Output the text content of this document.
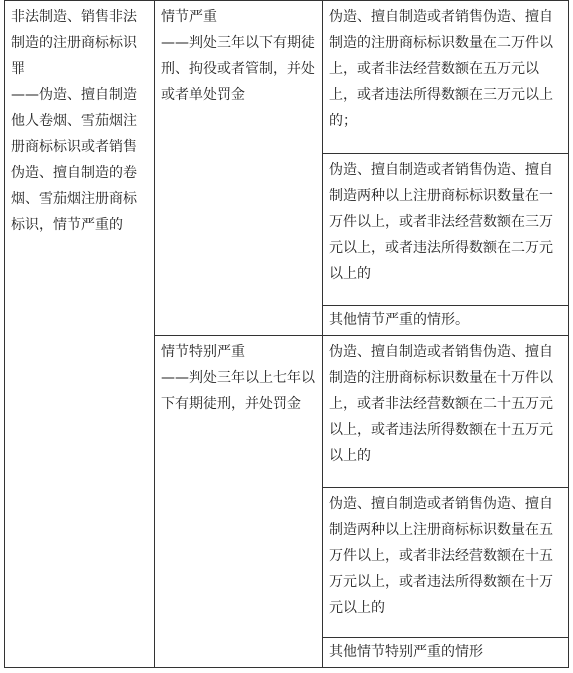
非法制造、销售非法制造的注册商标标识罪
——伪造、擅自制造他人卷烟、雪茄烟注册商标标识或者销售伪造、擅自制造的卷烟、雪茄烟注册商标标识，情节严重的
情节严重
——判处三年以下有期徒刑、拘役或者管制，并处或者单处罚金
情节特别严重
——判处三年以上七年以下有期徒刑，并处罚金
伪造、擅自制造或者销售伪造、擅自制造的注册商标标识数量在二万件以上，或者非法经营数额在五万元以上，或者违法所得数额在三万元以上的；
伪造、擅自制造或者销售伪造、擅自制造两种以上注册商标标识数量在一万件以上，或者非法经营数额在三万元以上，或者违法所得数额在二万元以上的
其他情节严重的情形。
伪造、擅自制造或者销售伪造、擅自制造的注册商标标识数量在十万件以上，或者非法经营数额在二十五万元以上，或者违法所得数额在十五万元以上的
伪造、擅自制造或者销售伪造、擅自制造两种以上注册商标标识数量在五万件以上，或者非法经营数额在十五万元以上，或者违法所得数额在十万元以上的
其他情节特别严重的情形
